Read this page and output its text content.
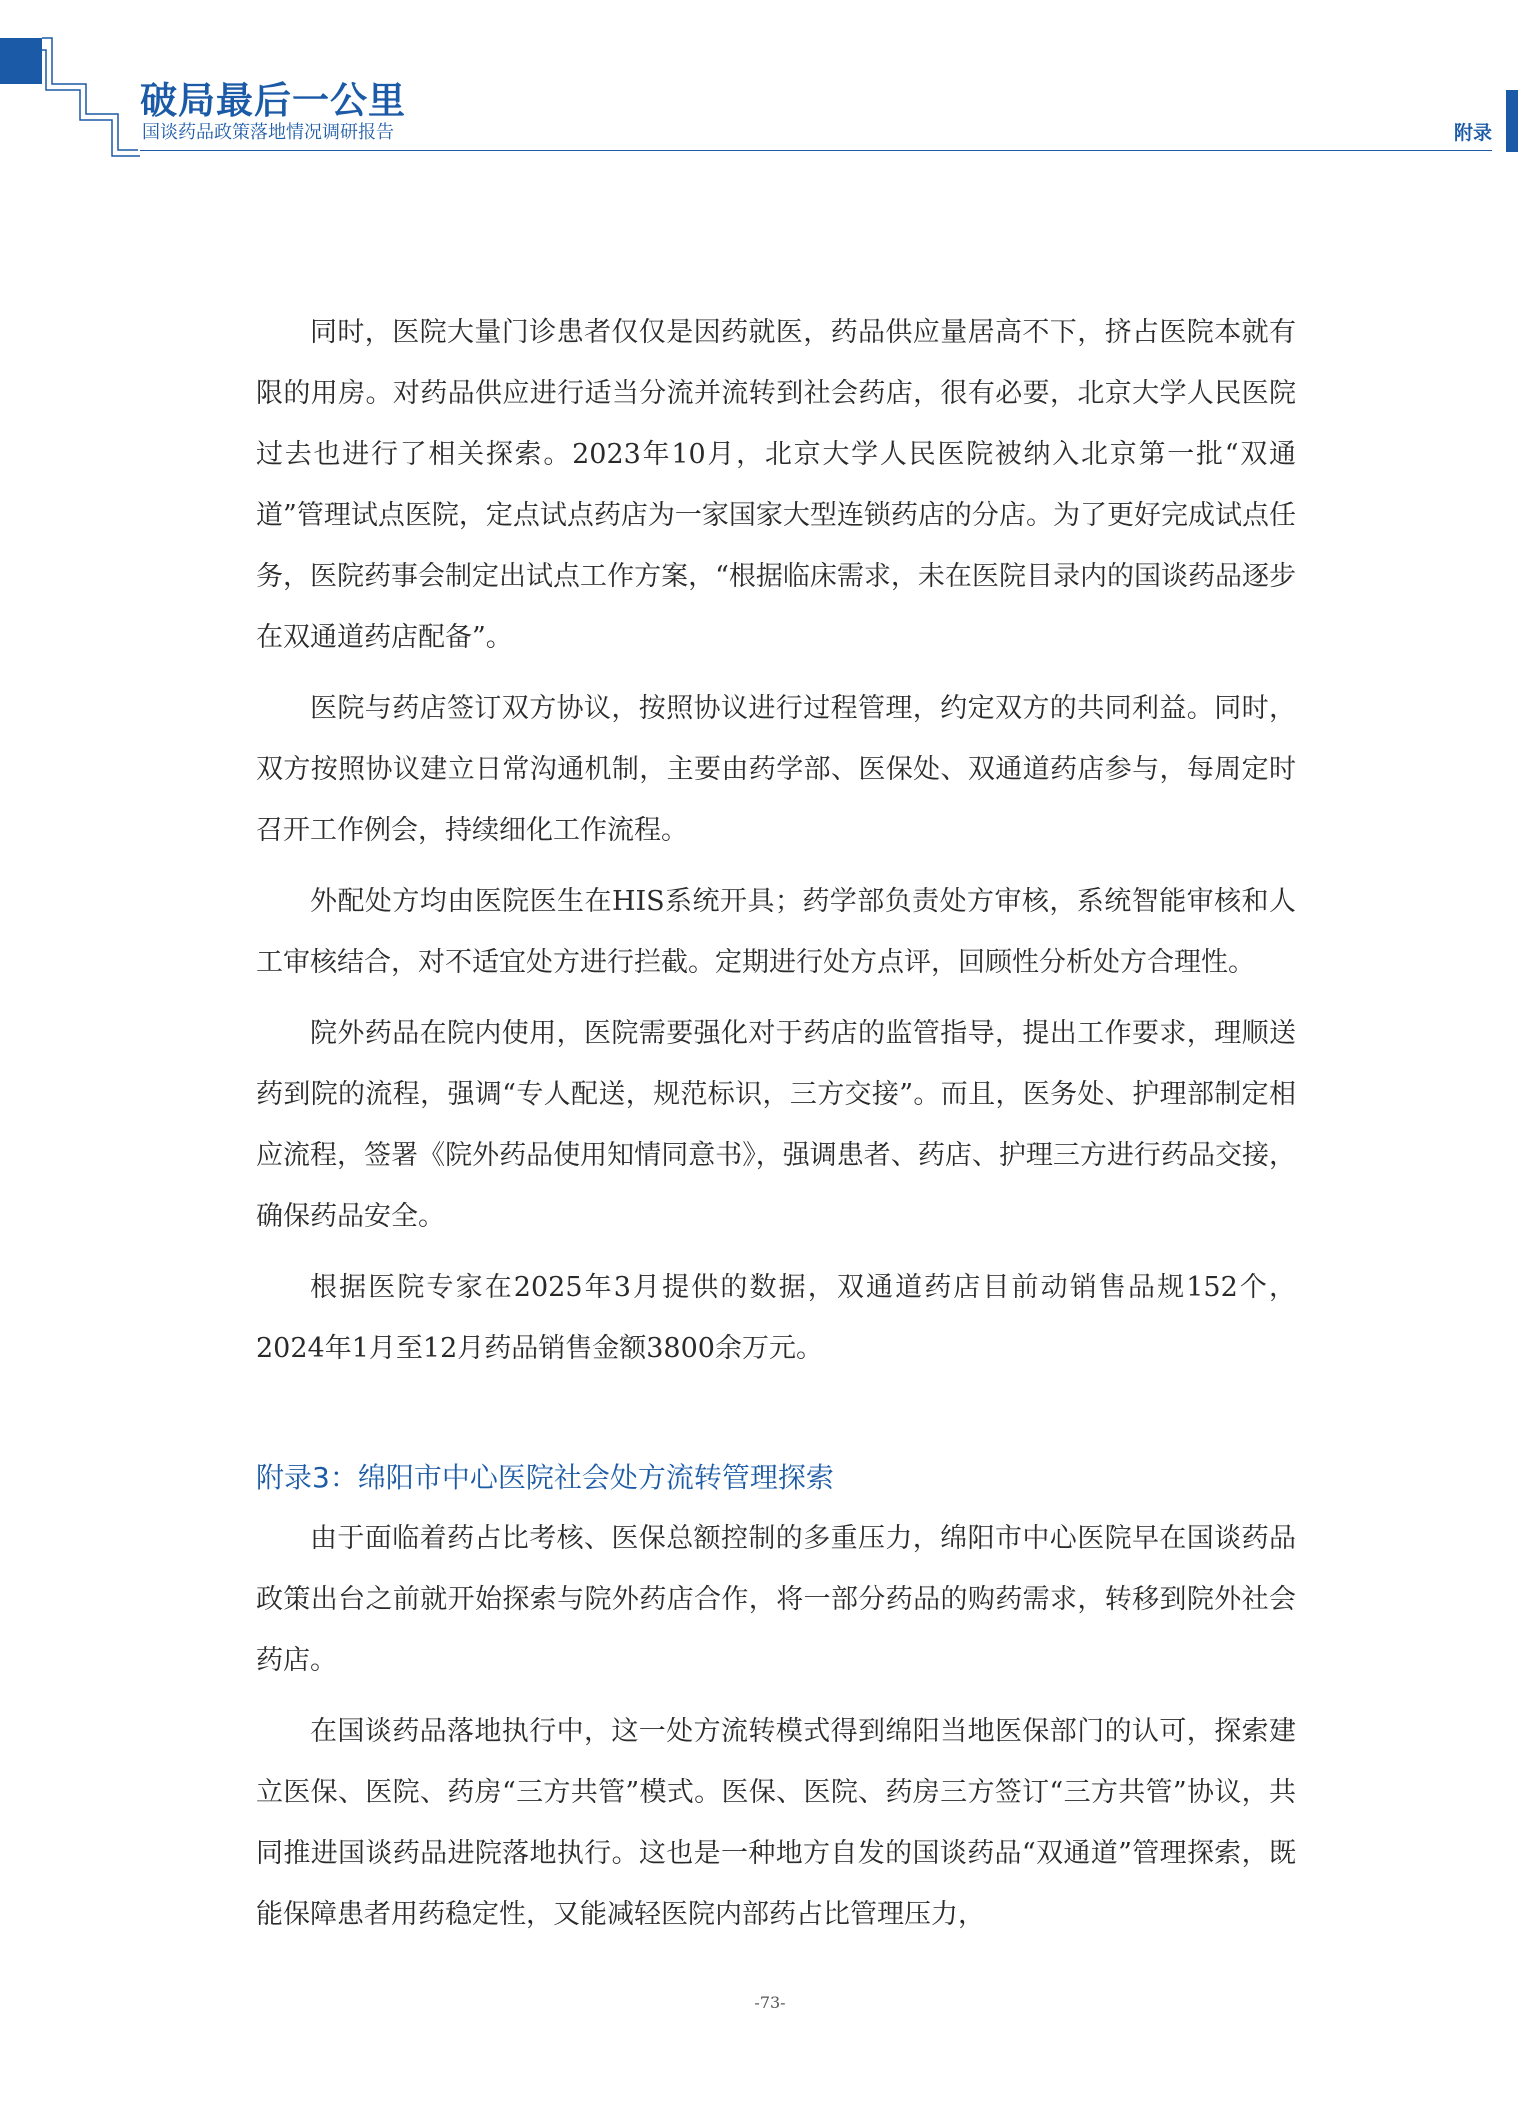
破局最后一公里
国谈药品政策落地情况调研报告	附录

同时，医院大量门诊患者仅仅是因药就医，药品供应量居高不下，挤占医院本就有限的用房。对药品供应进行适当分流并流转到社会药店，很有必要，北京大学人民医院过去也进行了相关探索。2023年10月，北京大学人民医院被纳入北京第一批“双通道”管理试点医院，定点试点药店为一家国家大型连锁药店的分店。为了更好完成试点任务，医院药事会制定出试点工作方案，“根据临床需求，未在医院目录内的国谈药品逐步在双通道药店配备”。

医院与药店签订双方协议，按照协议进行过程管理，约定双方的共同利益。同时，双方按照协议建立日常沟通机制，主要由药学部、医保处、双通道药店参与，每周定时召开工作例会，持续细化工作流程。

外配处方均由医院医生在HIS系统开具；药学部负责处方审核，系统智能审核和人工审核结合，对不适宜处方进行拦截。定期进行处方点评，回顾性分析处方合理性。

院外药品在院内使用，医院需要强化对于药店的监管指导，提出工作要求，理顺送药到院的流程，强调“专人配送，规范标识，三方交接”。而且，医务处、护理部制定相应流程，签署《院外药品使用知情同意书》，强调患者、药店、护理三方进行药品交接，确保药品安全。

根据医院专家在2025年3月提供的数据，双通道药店目前动销售品规152个，2024年1月至12月药品销售金额3800余万元。

附录3：绵阳市中心医院社会处方流转管理探索

由于面临着药占比考核、医保总额控制的多重压力，绵阳市中心医院早在国谈药品政策出台之前就开始探索与院外药店合作，将一部分药品的购药需求，转移到院外社会药店。

在国谈药品落地执行中，这一处方流转模式得到绵阳当地医保部门的认可，探索建立医保、医院、药房“三方共管”模式。医保、医院、药房三方签订“三方共管”协议，共同推进国谈药品进院落地执行。这也是一种地方自发的国谈药品“双通道”管理探索，既能保障患者用药稳定性，又能减轻医院内部药占比管理压力，

-73-
